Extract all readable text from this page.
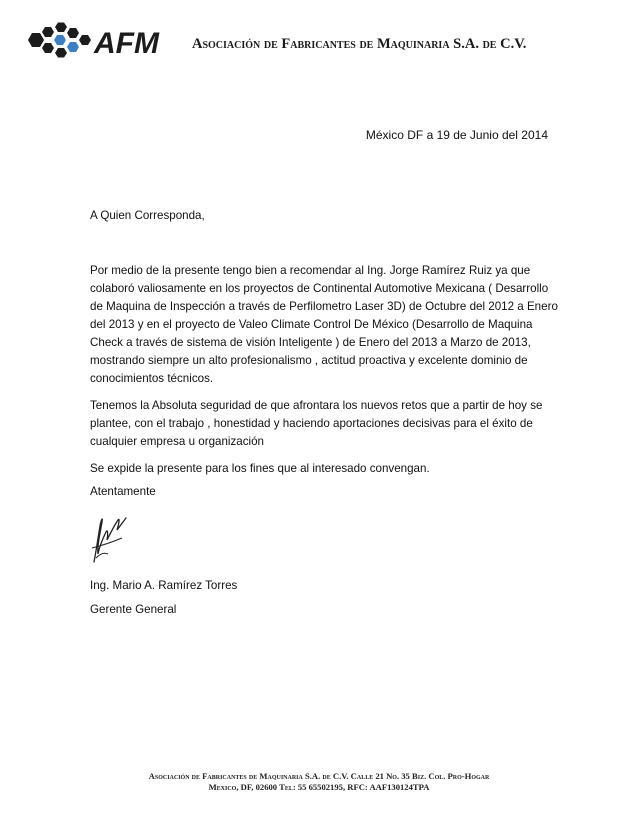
AFM Asociación de Fabricantes de Maquinaria S.A. de C.V.
México DF a 19 de Junio del 2014
A Quien Corresponda,

Por medio de la presente tengo bien a recomendar al Ing. Jorge Ramírez Ruiz ya que colaboró valiosamente en los proyectos de Continental Automotive Mexicana ( Desarrollo de Maquina de Inspección a través de Perfilometro Laser 3D) de Octubre del 2012 a Enero del 2013 y en el proyecto de Valeo Climate Control De México (Desarrollo de Maquina Check a través de sistema de visión Inteligente ) de Enero del 2013 a Marzo de 2013, mostrando siempre un alto profesionalismo , actitud proactiva y excelente dominio de conocimientos técnicos.

Tenemos la Absoluta seguridad de que afrontara los nuevos retos que a partir de hoy se plantee, con el trabajo , honestidad y haciendo aportaciones decisivas para el éxito de cualquier empresa u organización

Se expide la presente para los fines que al interesado convengan.

Atentamente
Ing. Mario A. Ramírez Torres
Gerente General
Asociación de Fabricantes de Maquinaria S.A. de C.V. Calle 21 No. 35 Biz. Col. Pro-Hogar
Mexico, DF, 02600 Tel: 55 65502195, RFC: AAF130124TPA
